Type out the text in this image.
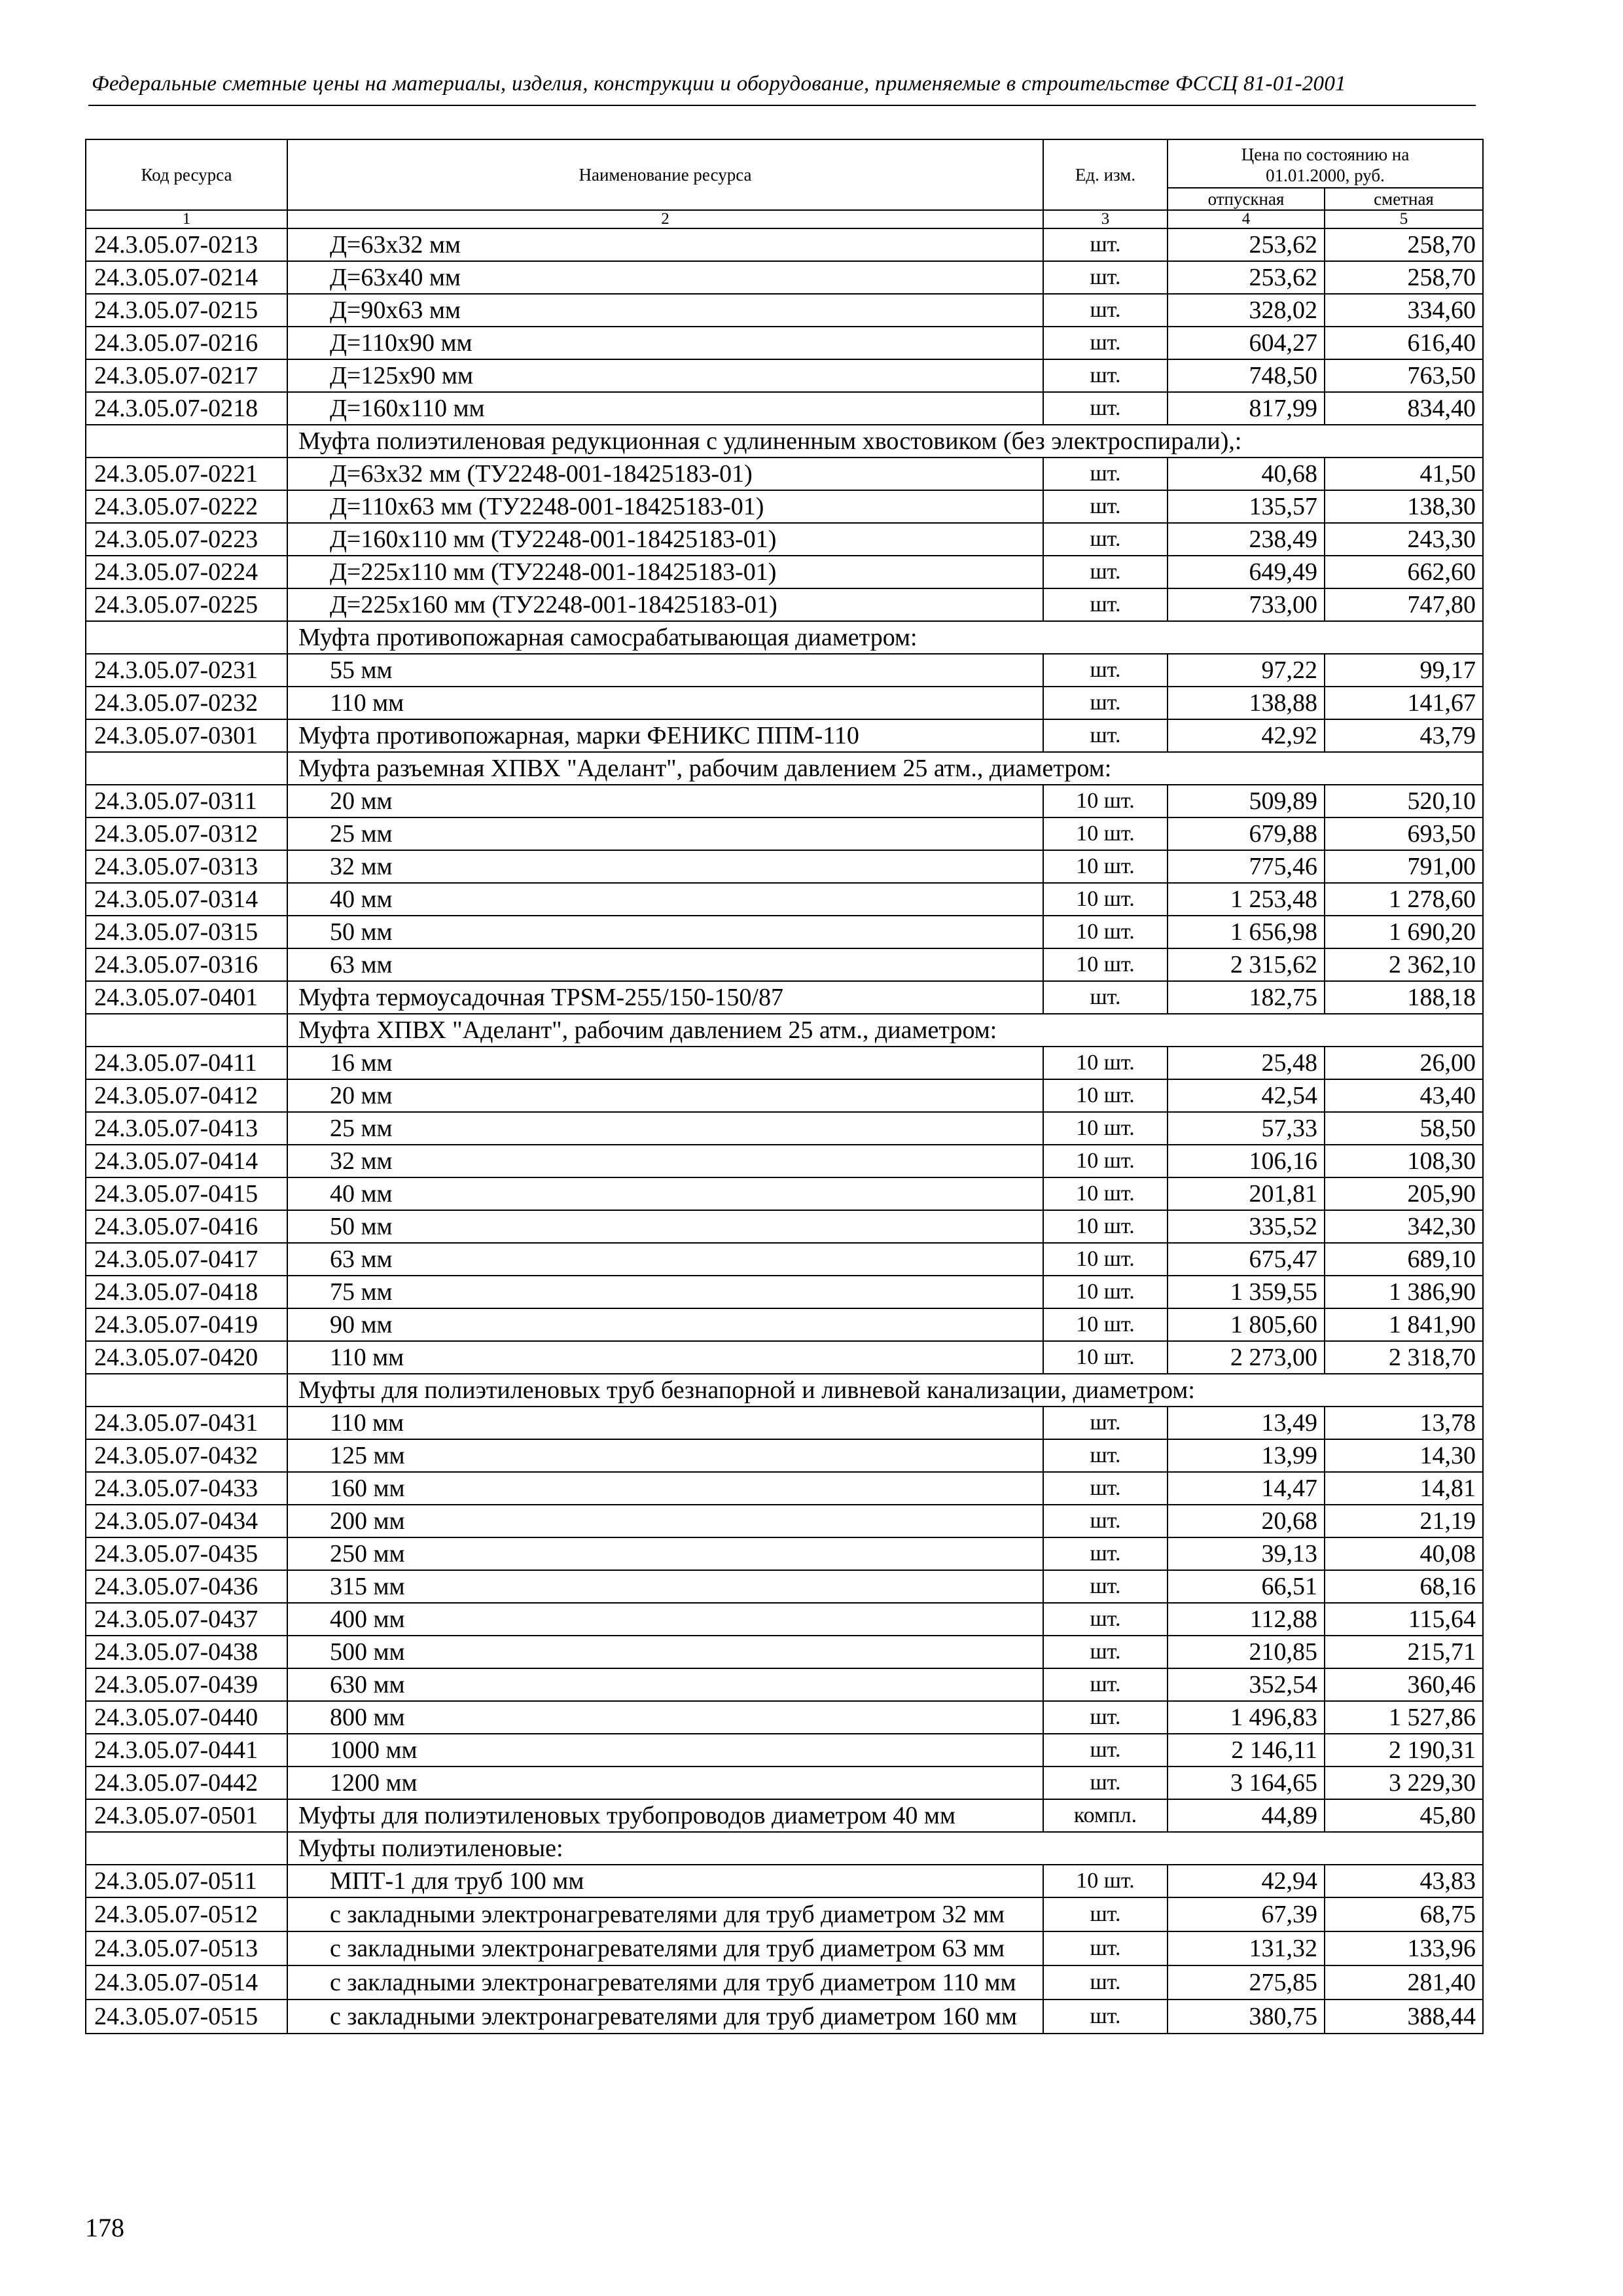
Федеральные сметные цены на материалы, изделия, конструкции и оборудование, применяемые в строительстве ФССЦ 81-01-2001
Код ресурса	Наименование ресурса	Ед. изм.	Цена по состоянию на 01.01.2000, руб.	
			отпускная	сметная
1	2	3	4	5
24.3.05.07-0213	Д=63х32 мм	шт.	253,62	258,70
24.3.05.07-0214	Д=63х40 мм	шт.	253,62	258,70
24.3.05.07-0215	Д=90х63 мм	шт.	328,02	334,60
24.3.05.07-0216	Д=110х90 мм	шт.	604,27	616,40
24.3.05.07-0217	Д=125х90 мм	шт.	748,50	763,50
24.3.05.07-0218	Д=160х110 мм	шт.	817,99	834,40
	Муфта полиэтиленовая редукционная с удлиненным хвостовиком (без электроспирали),:			
24.3.05.07-0221	Д=63х32 мм (ТУ2248-001-18425183-01)	шт.	40,68	41,50
24.3.05.07-0222	Д=110х63 мм (ТУ2248-001-18425183-01)	шт.	135,57	138,30
24.3.05.07-0223	Д=160х110 мм (ТУ2248-001-18425183-01)	шт.	238,49	243,30
24.3.05.07-0224	Д=225х110 мм (ТУ2248-001-18425183-01)	шт.	649,49	662,60
24.3.05.07-0225	Д=225х160 мм (ТУ2248-001-18425183-01)	шт.	733,00	747,80
	Муфта противопожарная самосрабатывающая диаметром:			
24.3.05.07-0231	55 мм	шт.	97,22	99,17
24.3.05.07-0232	110 мм	шт.	138,88	141,67
24.3.05.07-0301	Муфта противопожарная, марки ФЕНИКС ППМ-110	шт.	42,92	43,79
	Муфта разъемная ХПВХ "Аделант", рабочим давлением 25 атм., диаметром:			
24.3.05.07-0311	20 мм	10 шт.	509,89	520,10
24.3.05.07-0312	25 мм	10 шт.	679,88	693,50
24.3.05.07-0313	32 мм	10 шт.	775,46	791,00
24.3.05.07-0314	40 мм	10 шт.	1 253,48	1 278,60
24.3.05.07-0315	50 мм	10 шт.	1 656,98	1 690,20
24.3.05.07-0316	63 мм	10 шт.	2 315,62	2 362,10
24.3.05.07-0401	Муфта термоусадочная TPSM-255/150-150/87	шт.	182,75	188,18
	Муфта ХПВХ "Аделант", рабочим давлением 25 атм., диаметром:			
24.3.05.07-0411	16 мм	10 шт.	25,48	26,00
24.3.05.07-0412	20 мм	10 шт.	42,54	43,40
24.3.05.07-0413	25 мм	10 шт.	57,33	58,50
24.3.05.07-0414	32 мм	10 шт.	106,16	108,30
24.3.05.07-0415	40 мм	10 шт.	201,81	205,90
24.3.05.07-0416	50 мм	10 шт.	335,52	342,30
24.3.05.07-0417	63 мм	10 шт.	675,47	689,10
24.3.05.07-0418	75 мм	10 шт.	1 359,55	1 386,90
24.3.05.07-0419	90 мм	10 шт.	1 805,60	1 841,90
24.3.05.07-0420	110 мм	10 шт.	2 273,00	2 318,70
	Муфты для полиэтиленовых труб безнапорной и ливневой канализации, диаметром:			
24.3.05.07-0431	110 мм	шт.	13,49	13,78
24.3.05.07-0432	125 мм	шт.	13,99	14,30
24.3.05.07-0433	160 мм	шт.	14,47	14,81
24.3.05.07-0434	200 мм	шт.	20,68	21,19
24.3.05.07-0435	250 мм	шт.	39,13	40,08
24.3.05.07-0436	315 мм	шт.	66,51	68,16
24.3.05.07-0437	400 мм	шт.	112,88	115,64
24.3.05.07-0438	500 мм	шт.	210,85	215,71
24.3.05.07-0439	630 мм	шт.	352,54	360,46
24.3.05.07-0440	800 мм	шт.	1 496,83	1 527,86
24.3.05.07-0441	1000 мм	шт.	2 146,11	2 190,31
24.3.05.07-0442	1200 мм	шт.	3 164,65	3 229,30
24.3.05.07-0501	Муфты для полиэтиленовых трубопроводов диаметром 40 мм	компл.	44,89	45,80
	Муфты полиэтиленовые:			
24.3.05.07-0511	МПТ-1 для труб 100 мм	10 шт.	42,94	43,83
24.3.05.07-0512	с закладными электронагревателями для труб диаметром 32 мм	шт.	67,39	68,75
24.3.05.07-0513	с закладными электронагревателями для труб диаметром 63 мм	шт.	131,32	133,96
24.3.05.07-0514	с закладными электронагревателями для труб диаметром 110 мм	шт.	275,85	281,40
24.3.05.07-0515	с закладными электронагревателями для труб диаметром 160 мм	шт.	380,75	388,44
178
